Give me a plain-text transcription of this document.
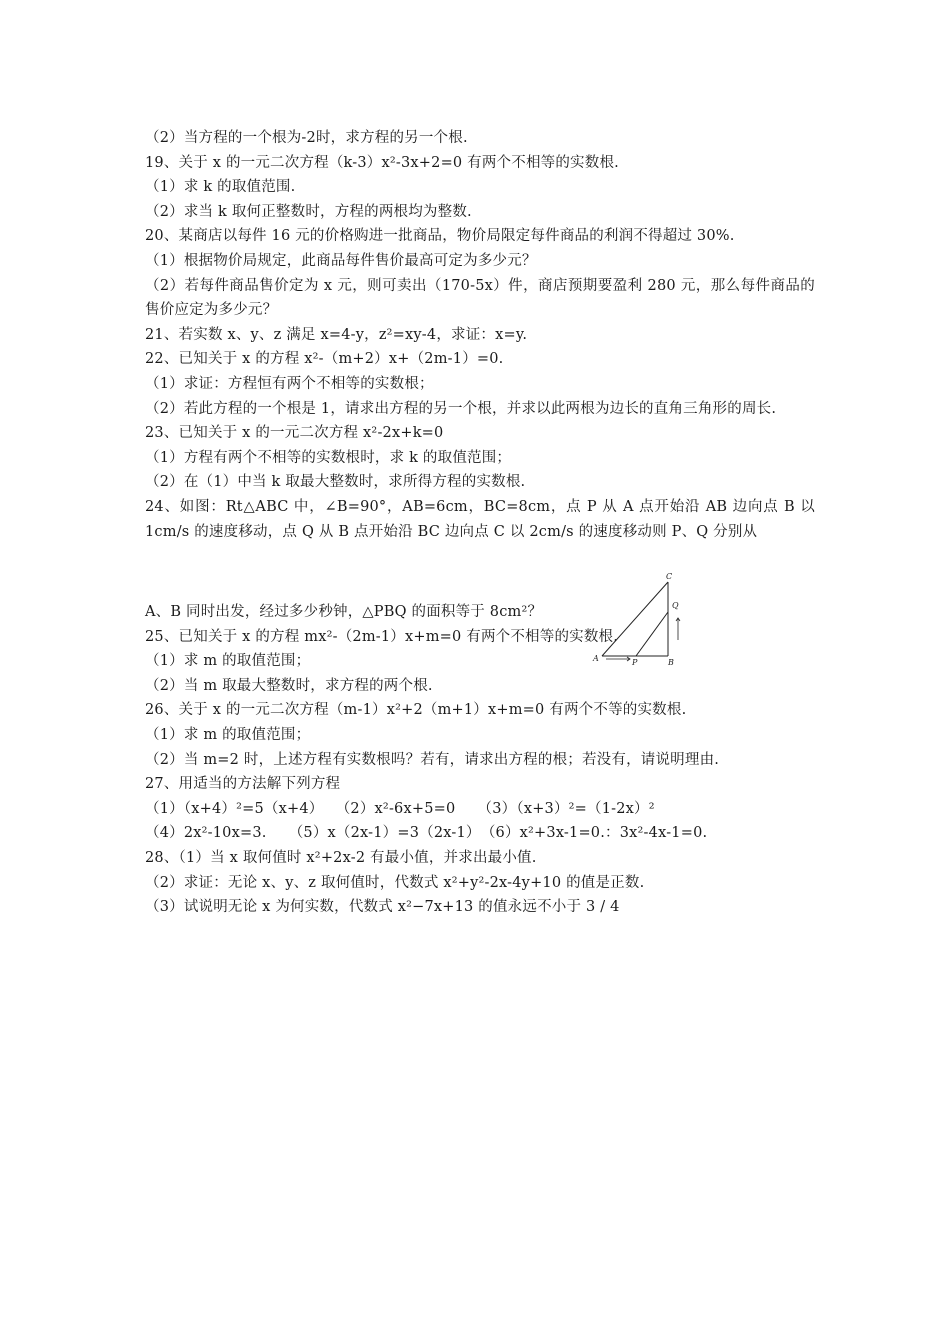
（2）当方程的一个根为-2时，求方程的另一个根.
19、关于 x 的一元二次方程（k-3）x²-3x+2=0 有两个不相等的实数根.
（1）求 k 的取值范围.
（2）求当 k 取何正整数时，方程的两根均为整数.
20、某商店以每件 16 元的价格购进一批商品，物价局限定每件商品的利润不得超过 30%.
（1）根据物价局规定，此商品每件售价最高可定为多少元？
（2）若每件商品售价定为 x 元，则可卖出（170-5x）件，商店预期要盈利 280 元，那么每件商品的售价应定为多少元？
21、若实数 x、y、z 满足 x=4-y，z²=xy-4，求证：x=y.
22、已知关于 x 的方程 x²-（m+2）x+（2m-1）=0.
（1）求证：方程恒有两个不相等的实数根；
（2）若此方程的一个根是 1，请求出方程的另一个根，并求以此两根为边长的直角三角形的周长.
23、已知关于 x 的一元二次方程 x²-2x+k=0
（1）方程有两个不相等的实数根时，求 k 的取值范围；
（2）在（1）中当 k 取最大整数时，求所得方程的实数根.
24、如图：Rt△ABC 中，∠B=90°，AB=6cm，BC=8cm，点 P 从 A 点开始沿 AB 边向点 B 以 1cm/s 的速度移动，点 Q 从 B 点开始沿 BC 边向点 C 以 2cm/s 的速度移动则 P、Q 分别从
A、B 同时出发，经过多少秒钟，△PBQ 的面积等于 8cm²？
25、已知关于 x 的方程 mx²-（2m-1）x+m=0 有两个不相等的实数根.
（1）求 m 的取值范围；
（2）当 m 取最大整数时，求方程的两个根.
26、关于 x 的一元二次方程（m-1）x²+2（m+1）x+m=0 有两个不等的实数根.
（1）求 m 的取值范围；
（2）当 m=2 时，上述方程有实数根吗？若有，请求出方程的根；若没有，请说明理由.
27、用适当的方法解下列方程
（1）（x+4）²=5（x+4）　 （2）x²-6x+5=0　　（3）（x+3）²=（1-2x）²
（4）2x²-10x=3.　　（5）x（2x-1）=3（2x-1）　（6）x²+3x-1=0.：3x²-4x-1=0.
28、（1）当 x 取何值时 x²+2x-2 有最小值，并求出最小值.
（2）求证：无论 x、y、z 取何值时，代数式 x²+y²-2x-4y+10 的值是正数.
（3）试说明无论 x 为何实数，代数式 x²−7x+13 的值永远不小于 3 / 4
A	B
C
P
Q
